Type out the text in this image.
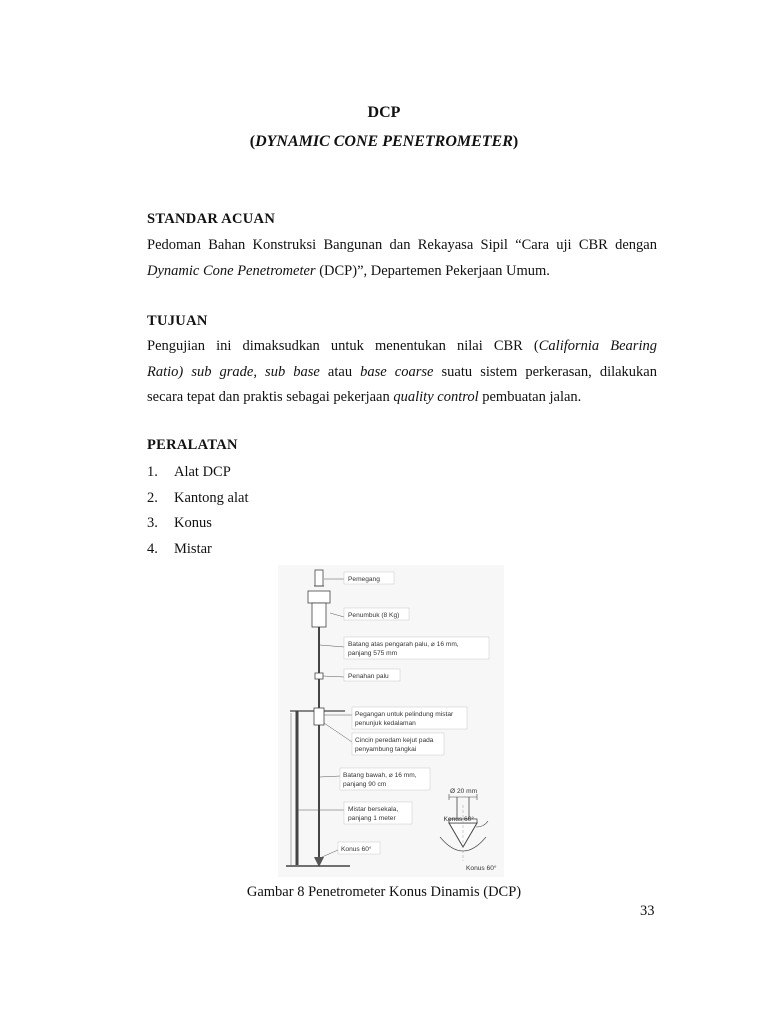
DCP
(DYNAMIC CONE PENETROMETER)
STANDAR ACUAN
Pedoman Bahan Konstruksi Bangunan dan Rekayasa Sipil “Cara uji CBR dengan
Dynamic Cone Penetrometer (DCP)”, Departemen Pekerjaan Umum.
TUJUAN
Pengujian ini dimaksudkan untuk menentukan nilai CBR (California Bearing
Ratio) sub grade, sub base atau base coarse suatu sistem perkerasan, dilakukan
secara tepat dan praktis sebagai pekerjaan quality control pembuatan jalan.
PERALATAN
1. Alat DCP
2. Kantong alat
3. Konus
4. Mistar
Pemegang
Penumbuk (8 Kg)
Batang atas pengarah palu, ⌀ 16 mm,
panjang 575 mm
Penahan palu
Pegangan untuk pelindung mistar
penunjuk kedalaman
Cincin peredam kejut pada
penyambung tangkai
Batang bawah, ⌀ 16 mm,
panjang 90 cm
Mistar bersekala,
panjang 1 meter
Konus 60°
Ø 20 mm
Konus 60°
Konus 60°
Gambar 8 Penetrometer Konus Dinamis (DCP)
33
